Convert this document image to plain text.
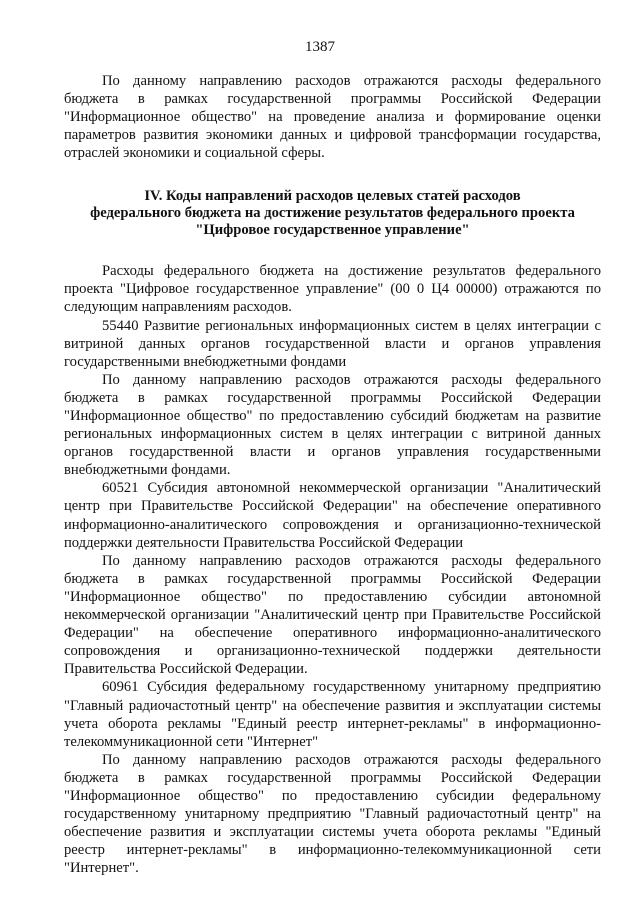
1387

По данному направлению расходов отражаются расходы федерального бюджета в рамках государственной программы Российской Федерации "Информационное общество" на проведение анализа и формирование оценки параметров развития экономики данных и цифровой трансформации государства, отраслей экономики и социальной сферы.

IV. Коды направлений расходов целевых статей расходов
федерального бюджета на достижение результатов федерального проекта
"Цифровое государственное управление"

Расходы федерального бюджета на достижение результатов федерального проекта "Цифровое государственное управление" (00 0 Ц4 00000) отражаются по следующим направлениям расходов.

55440 Развитие региональных информационных систем в целях интеграции с витриной данных органов государственной власти и органов управления государственными внебюджетными фондами

По данному направлению расходов отражаются расходы федерального бюджета в рамках государственной программы Российской Федерации "Информационное общество" по предоставлению субсидий бюджетам на развитие региональных информационных систем в целях интеграции с витриной данных органов государственной власти и органов управления государственными внебюджетными фондами.

60521 Субсидия автономной некоммерческой организации "Аналитический центр при Правительстве Российской Федерации" на обеспечение оперативного информационно-аналитического сопровождения и организационно-технической поддержки деятельности Правительства Российской Федерации

По данному направлению расходов отражаются расходы федерального бюджета в рамках государственной программы Российской Федерации "Информационное общество" по предоставлению субсидии автономной некоммерческой организации "Аналитический центр при Правительстве Российской Федерации" на обеспечение оперативного информационно-аналитического сопровождения и организационно-технической поддержки деятельности Правительства Российской Федерации.

60961 Субсидия федеральному государственному унитарному предприятию "Главный радиочастотный центр" на обеспечение развития и эксплуатации системы учета оборота рекламы "Единый реестр интернет-рекламы" в информационно-телекоммуникационной сети "Интернет"

По данному направлению расходов отражаются расходы федерального бюджета в рамках государственной программы Российской Федерации "Информационное общество" по предоставлению субсидии федеральному государственному унитарному предприятию "Главный радиочастотный центр" на обеспечение развития и эксплуатации системы учета оборота рекламы "Единый реестр интернет-рекламы" в информационно-телекоммуникационной сети "Интернет".
